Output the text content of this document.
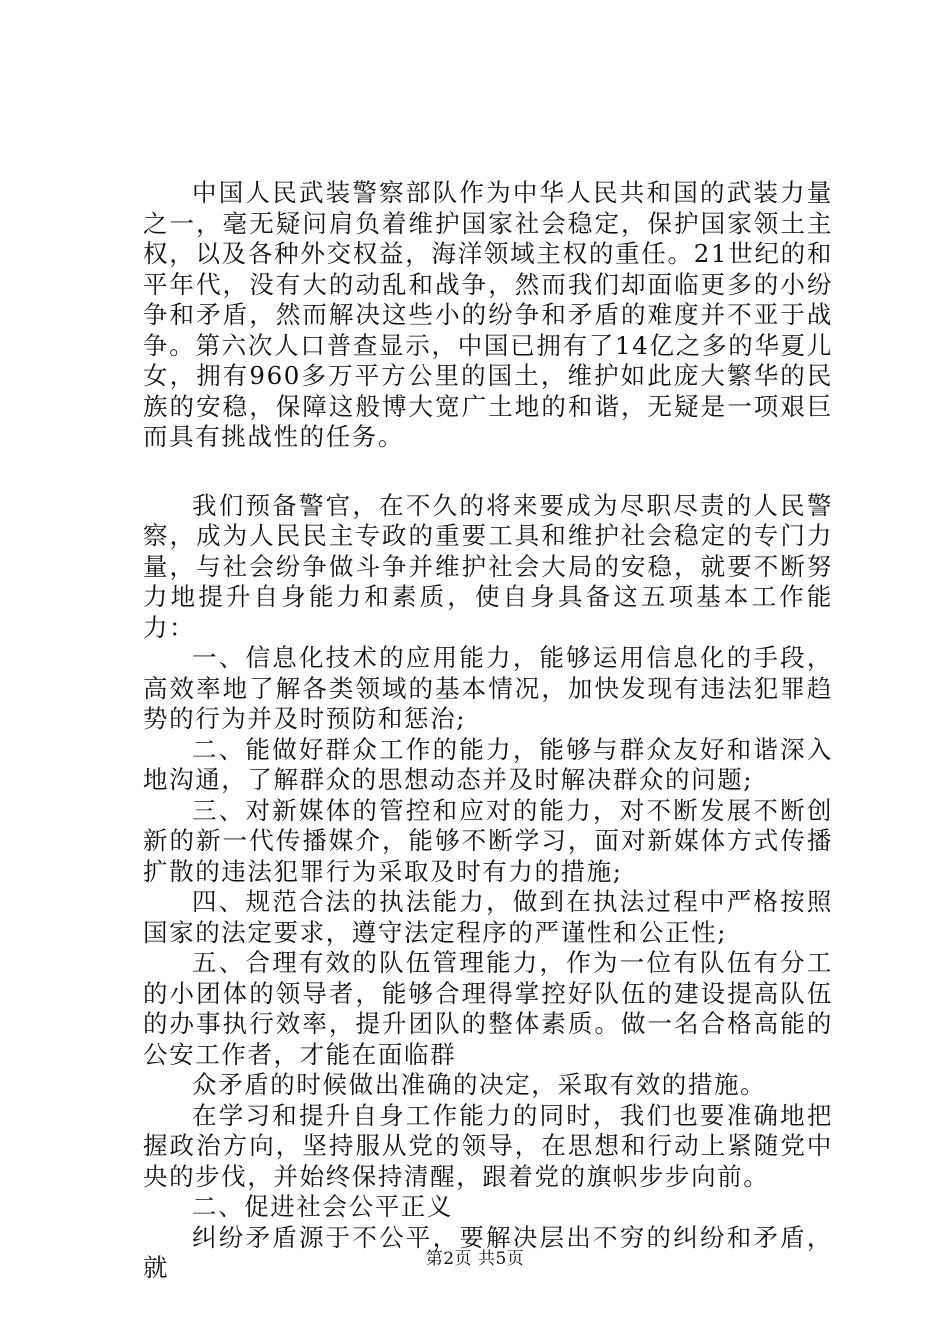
中国人民武装警察部队作为中华人民共和国的武装力量之一，毫无疑问肩负着维护国家社会稳定，保护国家领土主权，以及各种外交权益，海洋领域主权的重任。21世纪的和平年代，没有大的动乱和战争，然而我们却面临更多的小纷争和矛盾，然而解决这些小的纷争和矛盾的难度并不亚于战争。第六次人口普查显示，中国已拥有了14亿之多的华夏儿女，拥有960多万平方公里的国土，维护如此庞大繁华的民族的安稳，保障这般博大宽广土地的和谐，无疑是一项艰巨而具有挑战性的任务。

我们预备警官，在不久的将来要成为尽职尽责的人民警察，成为人民民主专政的重要工具和维护社会稳定的专门力量，与社会纷争做斗争并维护社会大局的安稳，就要不断努力地提升自身能力和素质，使自身具备这五项基本工作能力：

一、信息化技术的应用能力，能够运用信息化的手段，高效率地了解各类领域的基本情况，加快发现有违法犯罪趋势的行为并及时预防和惩治;

二、能做好群众工作的能力，能够与群众友好和谐深入地沟通，了解群众的思想动态并及时解决群众的问题;

三、对新媒体的管控和应对的能力，对不断发展不断创新的新一代传播媒介，能够不断学习，面对新媒体方式传播扩散的违法犯罪行为采取及时有力的措施;

四、规范合法的执法能力，做到在执法过程中严格按照国家的法定要求，遵守法定程序的严谨性和公正性;

五、合理有效的队伍管理能力，作为一位有队伍有分工的小团体的领导者，能够合理得掌控好队伍的建设提高队伍的办事执行效率，提升团队的整体素质。做一名合格高能的公安工作者，才能在面临群

众矛盾的时候做出准确的决定，采取有效的措施。

在学习和提升自身工作能力的同时，我们也要准确地把握政治方向，坚持服从党的领导，在思想和行动上紧随党中央的步伐，并始终保持清醒，跟着党的旗帜步步向前。

二、促进社会公平正义

纠纷矛盾源于不公平，要解决层出不穷的纠纷和矛盾，就	第2页 共5页
